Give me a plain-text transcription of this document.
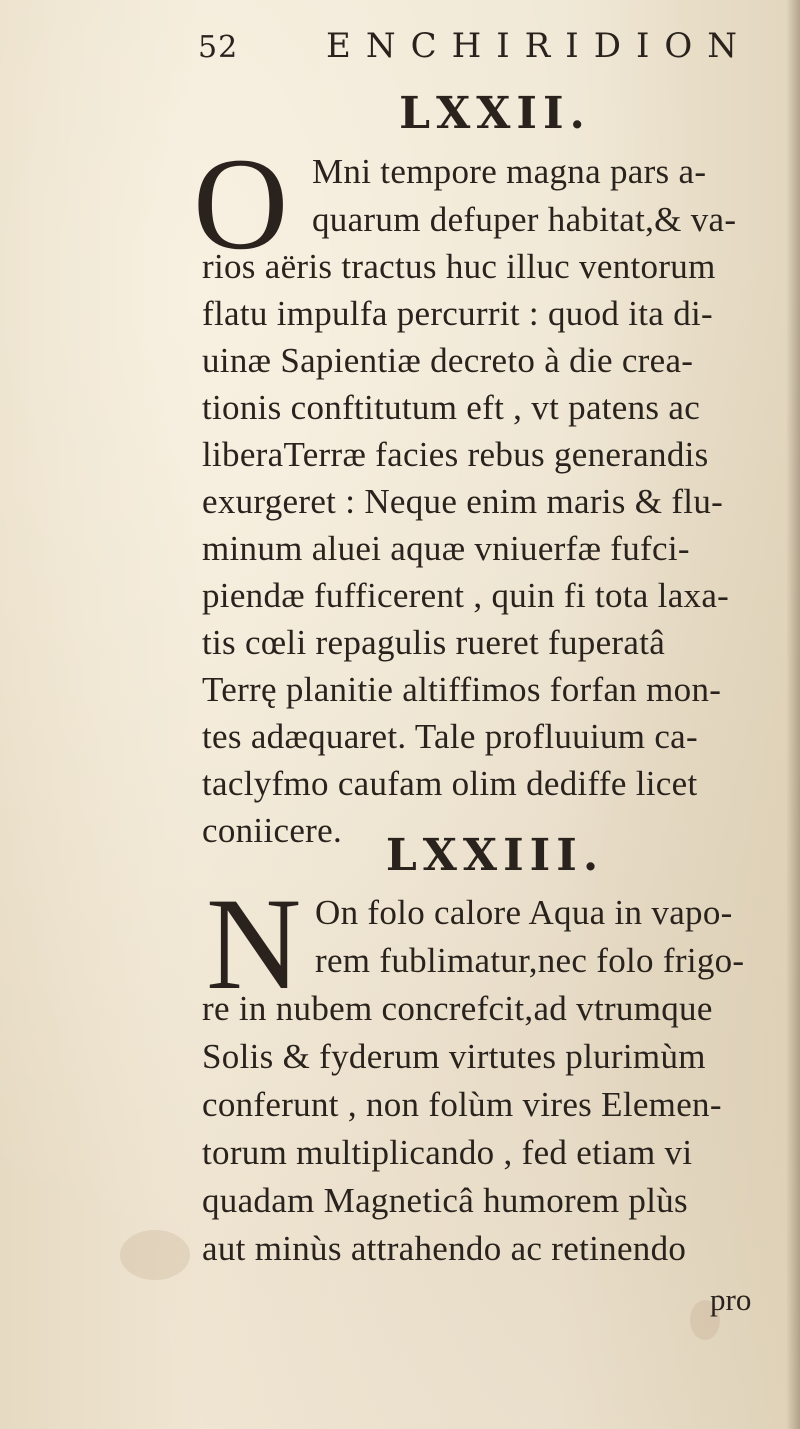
52	ENCHIRIDION
LXXII.
O Mni tempore magna pars a-
quarum defuper habitat,& va-
rios aëris tractus huc illuc ventorum
flatu impulfa percurrit : quod ita di-
uinæ Sapientiæ decreto à die crea-
tionis conftitutum eft , vt patens ac
liberaTerræ facies rebus generandis
exurgeret : Neque enim maris & flu-
minum aluei aquæ vniuerfæ fufci-
piendæ fufficerent , quin fi tota laxa-
tis cœli repagulis rueret fuperatâ
Terrę planitie altiffimos forfan mon-
tes adæquaret. Tale profluuium ca-
taclyfmo caufam olim dediffe licet
coniicere. LXXIII.
N On folo calore Aqua in vapo-
rem fublimatur,nec folo frigo-
re in nubem concrefcit,ad vtrumque
Solis & fyderum virtutes plurimùm
conferunt , non folùm vires Elemen-
torum multiplicando , fed etiam vi
quadam Magneticâ humorem plùs
aut minùs attrahendo ac retinendo
pro
